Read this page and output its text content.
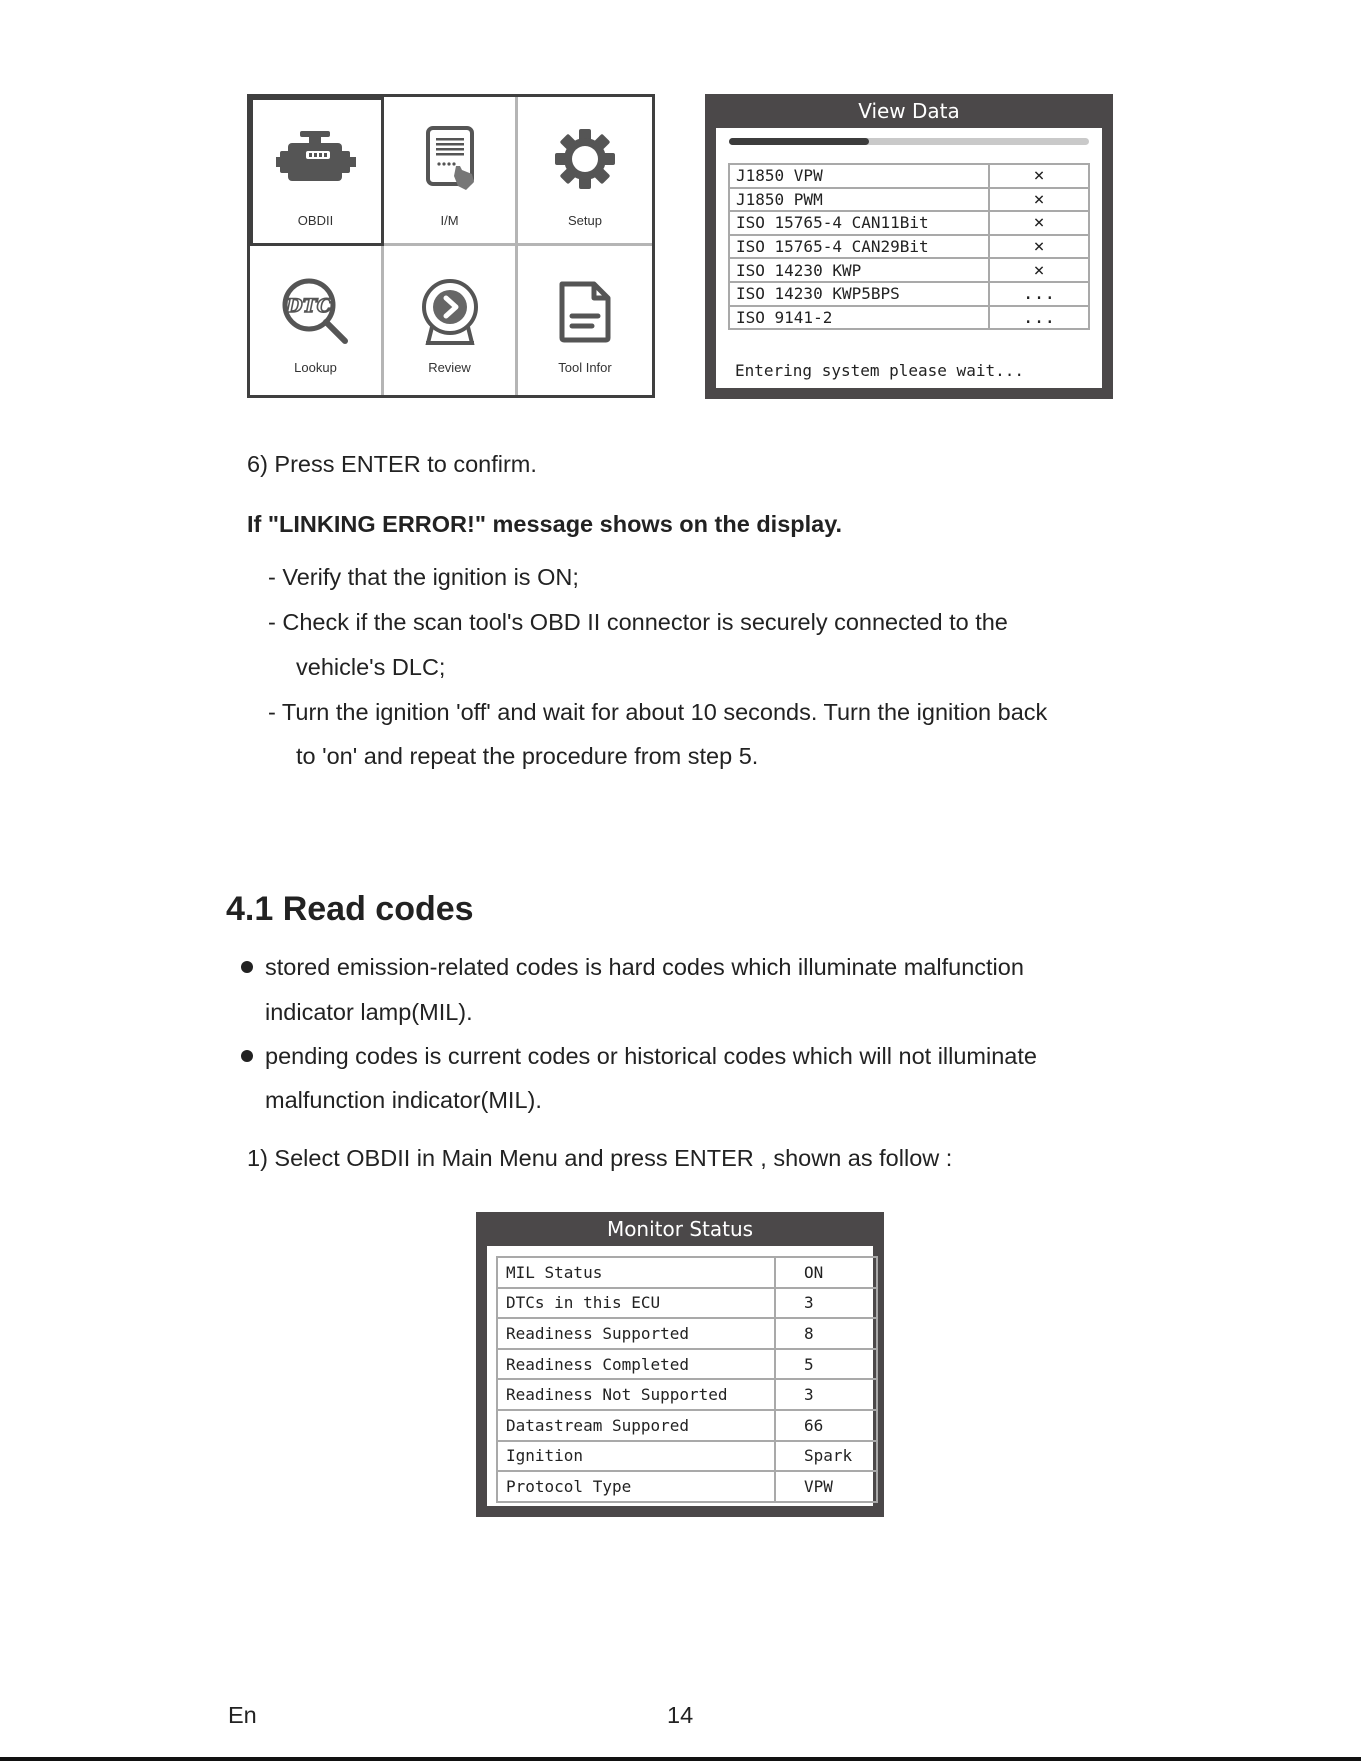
OBDII	I/M	Setup
DTC
Lookup	Review	Tool Infor
View Data
J1850 VPW	×
J1850 PWM	×
ISO 15765-4 CAN11Bit	×
ISO 15765-4 CAN29Bit	×
ISO 14230 KWP	×
ISO 14230 KWP5BPS	...
ISO 9141-2	...
Entering system please wait...
6) Press ENTER to confirm.
If "LINKING ERROR!" message shows on the display.
- Verify that the ignition is ON;
- Check if the scan tool's OBD II connector is securely connected to the
vehicle's DLC;
- Turn the ignition 'off' and wait for about 10 seconds. Turn the ignition back
to 'on' and repeat the procedure from step 5.
4.1 Read codes
stored emission-related codes is hard codes which illuminate malfunction
indicator lamp(MIL).
pending codes is current codes or historical codes which will not illuminate
malfunction indicator(MIL).
1) Select OBDII in Main Menu and press ENTER , shown as follow :
Monitor Status
MIL Status	ON
DTCs in this ECU	3
Readiness Supported	8
Readiness Completed	5
Readiness Not Supported	3
Datastream Suppored	66
Ignition	Spark
Protocol Type	VPW
En	14
